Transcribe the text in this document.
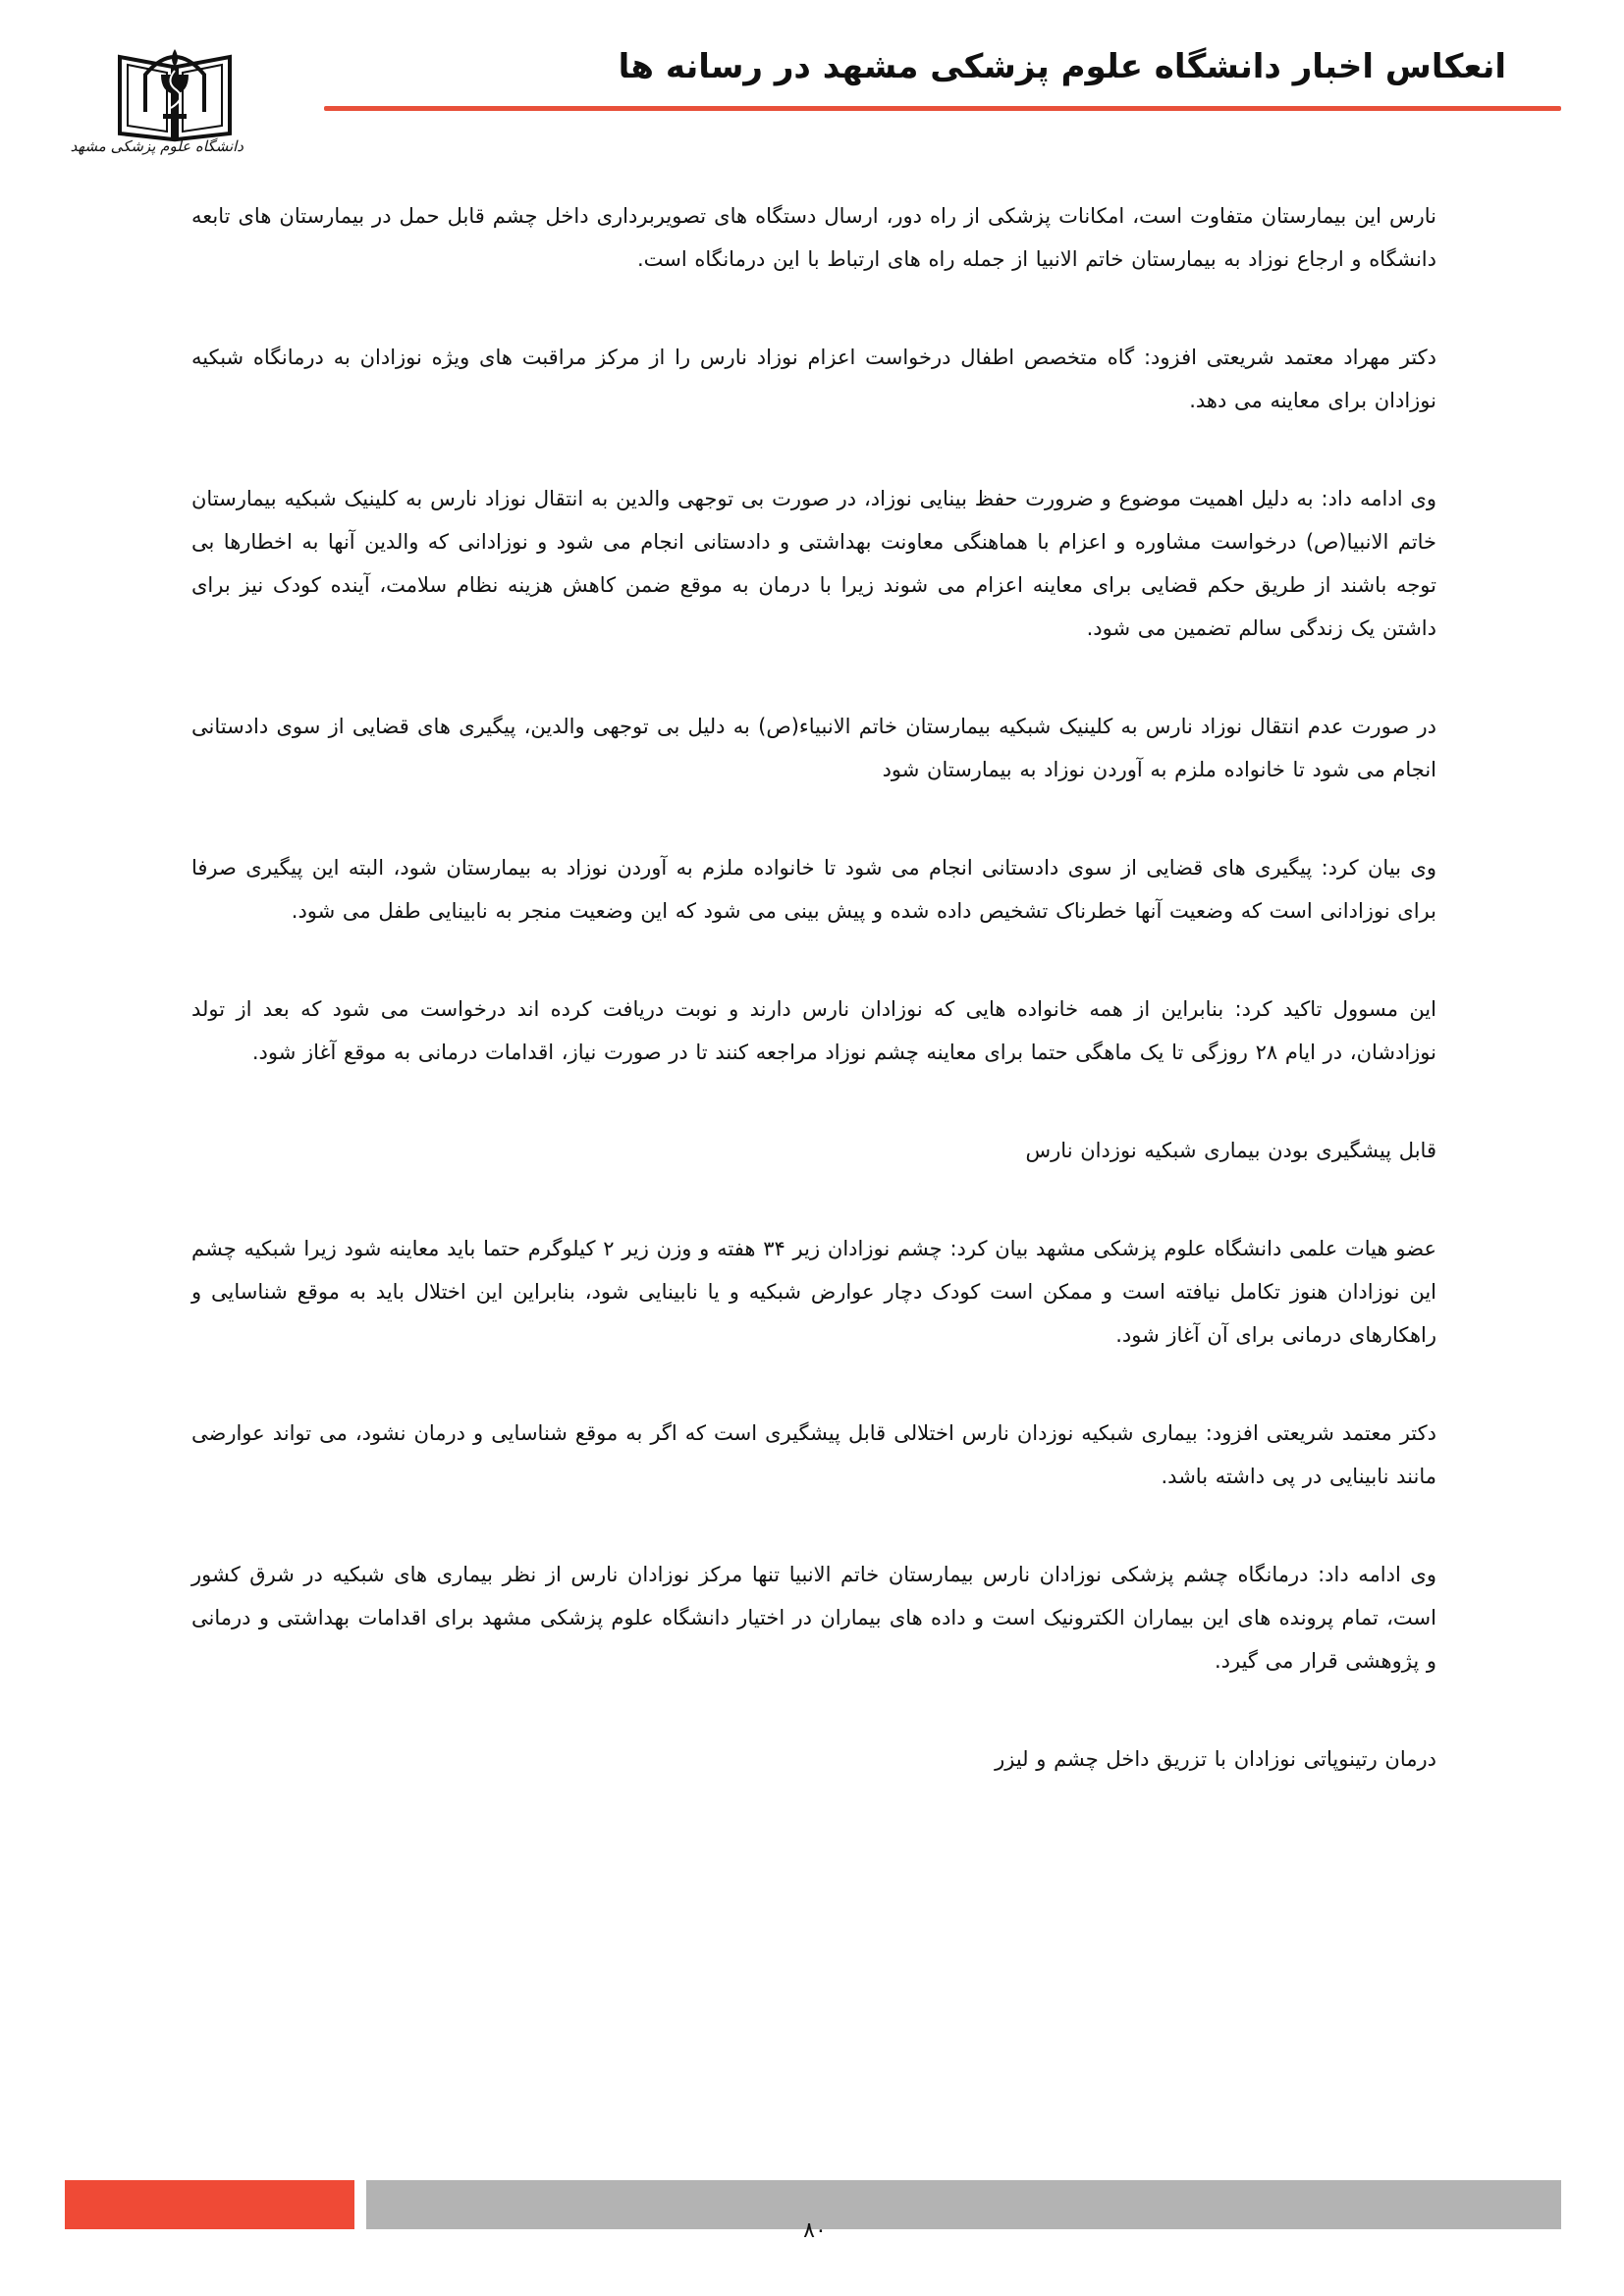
انعکاس اخبار دانشگاه علوم پزشکی مشهد در رسانه ها
دانشگاه علوم پزشکی مشهد

نارس این بیمارستان متفاوت است، امکانات پزشکی از راه دور، ارسال دستگاه های تصویربرداری داخل چشم قابل حمل در بیمارستان های تابعه دانشگاه و ارجاع نوزاد به بیمارستان خاتم الانبیا از جمله راه های ارتباط با این درمانگاه است.

دکتر مهراد معتمد شریعتی افزود: گاه متخصص اطفال درخواست اعزام نوزاد نارس را از مرکز مراقبت های ویژه نوزادان به درمانگاه شبکیه نوزادان برای معاینه می دهد.

وی ادامه داد: به دلیل اهمیت موضوع و ضرورت حفظ بینایی نوزاد، در صورت بی توجهی والدین به انتقال نوزاد نارس به کلینیک شبکیه بیمارستان خاتم الانبیا(ص) درخواست مشاوره و اعزام با هماهنگی معاونت بهداشتی و دادستانی انجام می شود و نوزادانی که والدین آنها به اخطارها بی توجه باشند از طریق حکم قضایی برای معاینه اعزام می شوند زیرا با درمان به موقع ضمن کاهش هزینه نظام سلامت، آینده کودک نیز برای داشتن یک زندگی سالم تضمین می شود.

در صورت عدم انتقال نوزاد نارس به کلینیک شبکیه بیمارستان خاتم الانبیاء(ص) به دلیل بی توجهی والدین، پیگیری های قضایی از سوی دادستانی انجام می شود تا خانواده ملزم به آوردن نوزاد به بیمارستان شود

وی بیان کرد: پیگیری های قضایی از سوی دادستانی انجام می شود تا خانواده ملزم به آوردن نوزاد به بیمارستان شود، البته این پیگیری صرفا برای نوزادانی است که وضعیت آنها خطرناک تشخیص داده شده و پیش بینی می شود که این وضعیت منجر به نابینایی طفل می شود.

این مسوول تاکید کرد: بنابراین از همه خانواده هایی که نوزادان نارس دارند و نوبت دریافت کرده اند درخواست می شود که بعد از تولد نوزادشان، در ایام ۲۸ روزگی تا یک ماهگی حتما برای معاینه چشم نوزاد مراجعه کنند تا در صورت نیاز، اقدامات درمانی به موقع آغاز شود.

قابل پیشگیری بودن بیماری شبکیه نوزدان نارس

عضو هیات علمی دانشگاه علوم پزشکی مشهد بیان کرد: چشم نوزادان زیر ۳۴ هفته و وزن زیر ۲ کیلوگرم حتما باید معاینه شود زیرا شبکیه چشم این نوزادان هنوز تکامل نیافته است و ممکن است کودک دچار عوارض شبکیه و یا نابینایی شود، بنابراین این اختلال باید به موقع شناسایی و راهکارهای درمانی برای آن آغاز شود.

دکتر معتمد شریعتی افزود: بیماری شبکیه نوزدان نارس اختلالی قابل پیشگیری است که اگر به موقع شناسایی و درمان نشود، می تواند عوارضی مانند نابینایی در پی داشته باشد.

وی ادامه داد: درمانگاه چشم پزشکی نوزادان نارس بیمارستان خاتم الانبیا تنها مرکز نوزادان نارس از نظر بیماری های شبکیه در شرق کشور است، تمام پرونده های این بیماران الکترونیک است و داده های بیماران در اختیار دانشگاه علوم پزشکی مشهد برای اقدامات بهداشتی و درمانی و پژوهشی قرار می گیرد.

درمان رتینوپاتی نوزادان با تزریق داخل چشم و لیزر

۸۰
